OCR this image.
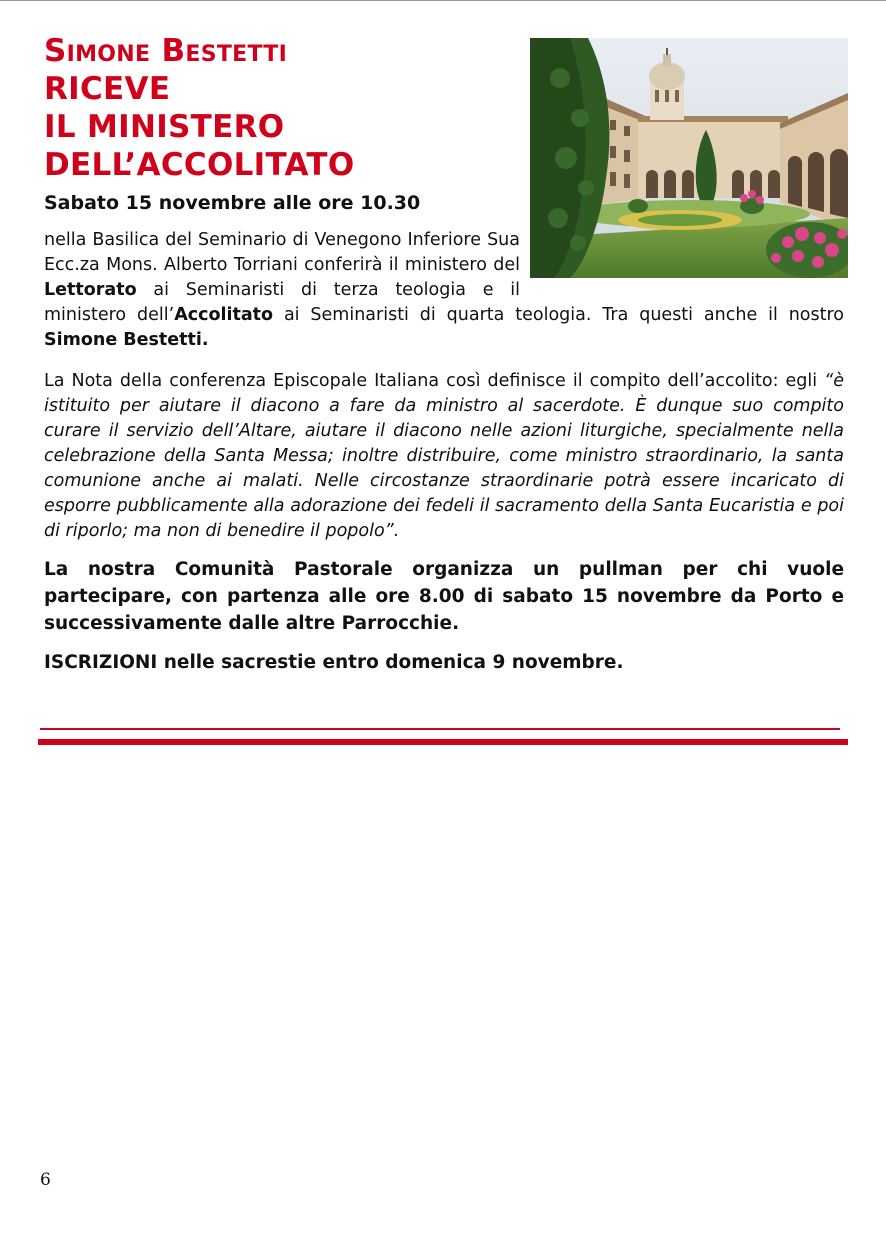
Simone Bestetti
RICEVE
IL MINISTERO
DELL’ACCOLITATO

Sabato 15 novembre alle ore 10.30

nella Basilica del Seminario di Venegono Inferiore Sua Ecc.za Mons. Alberto Torriani conferirà il ministero del Lettorato ai Seminaristi di terza teologia e il ministero dell’Accolitato ai Seminaristi di quarta teologia. Tra questi anche il nostro Simone Bestetti.

La Nota della conferenza Episcopale Italiana così definisce il compito dell’accolito: egli “è istituito per aiutare il diacono a fare da ministro al sacerdote. È dunque suo compito curare il servizio dell’Altare, aiutare il diacono nelle azioni liturgiche, specialmente nella celebrazione della Santa Messa; inoltre distribuire, come ministro straordinario, la santa comunione anche ai malati. Nelle circostanze straordinarie potrà essere incaricato di esporre pubblicamente alla adorazione dei fedeli il sacramento della Santa Eucaristia e poi di riporlo; ma non di benedire il popolo”.

La nostra Comunità Pastorale organizza un pullman per chi vuole partecipare, con partenza alle ore 8.00 di sabato 15 novembre da Porto e successivamente dalle altre Parrocchie.

ISCRIZIONI nelle sacrestie entro domenica 9 novembre.

6
